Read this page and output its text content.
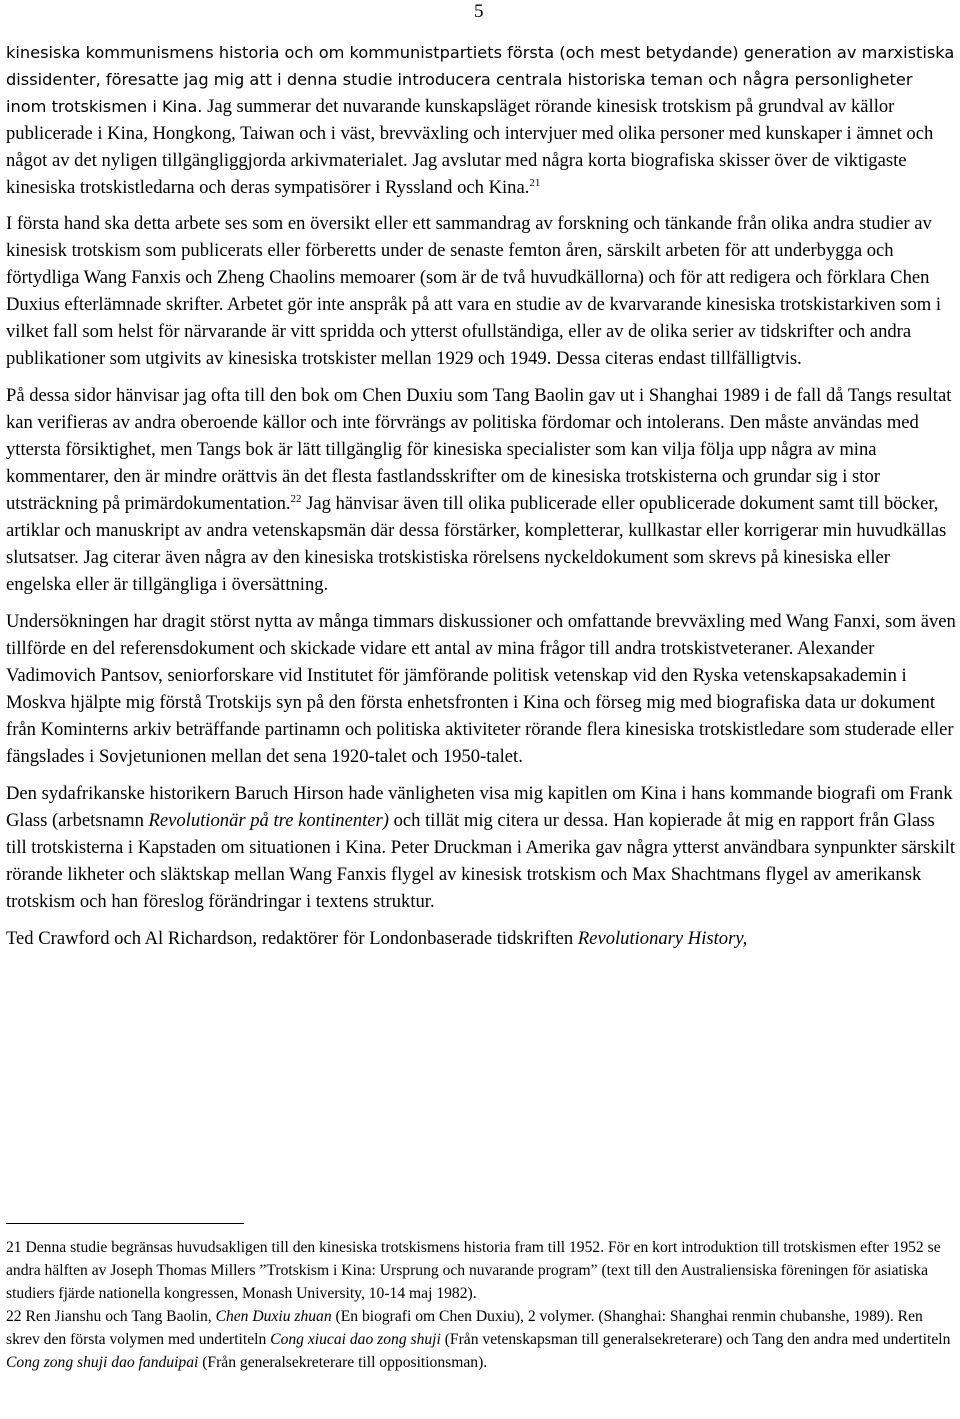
5

kinesiska kommunismens historia och om kommunistpartiets första (och mest betydande) generation av marxistiska dissidenter, föresatte jag mig att i denna studie introducera centrala historiska teman och några personligheter inom trotskismen i Kina. Jag summerar det nuvarande kunskapsläget rörande kinesisk trotskism på grundval av källor publicerade i Kina, Hongkong, Taiwan och i väst, brevväxling och intervjuer med olika personer med kunskaper i ämnet och något av det nyligen tillgängliggjorda arkivmaterialet. Jag avslutar med några korta biografiska skisser över de viktigaste kinesiska trotskistledarna och deras sympatisörer i Ryssland och Kina.$^{21}$

I första hand ska detta arbete ses som en översikt eller ett sammandrag av forskning och tänkande från olika andra studier av kinesisk trotskism som publicerats eller förberetts under de senaste femton åren, särskilt arbeten för att underbygga och förtydliga Wang Fanxis och Zheng Chaolins memoarer (som är de två huvudkällorna) och för att redigera och förklara Chen Duxius efterlämnade skrifter. Arbetet gör inte anspråk på att vara en studie av de kvarvarande kinesiska trotskistarkiven som i vilket fall som helst för närvarande är vitt spridda och ytterst ofullständiga, eller av de olika serier av tidskrifter och andra publikationer som utgivits av kinesiska trotskister mellan 1929 och 1949. Dessa citeras endast tillfälligtvis.

På dessa sidor hänvisar jag ofta till den bok om Chen Duxiu som Tang Baolin gav ut i Shanghai 1989 i de fall då Tangs resultat kan verifieras av andra oberoende källor och inte förvrängs av politiska fördomar och intolerans. Den måste användas med yttersta försiktighet, men Tangs bok är lätt tillgänglig för kinesiska specialister som kan vilja följa upp några av mina kommentarer, den är mindre orättvis än det flesta fastlandsskrifter om de kinesiska trotskisterna och grundar sig i stor utsträckning på primärdokumentation.$^{22}$ Jag hänvisar även till olika publicerade eller opublicerade dokument samt till böcker, artiklar och manuskript av andra vetenskapsmän där dessa förstärker, kompletterar, kullkastar eller korrigerar min huvudkällas slutsatser. Jag citerar även några av den kinesiska trotskistiska rörelsens nyckeldokument som skrevs på kinesiska eller engelska eller är tillgängliga i översättning.

Undersökningen har dragit störst nytta av många timmars diskussioner och omfattande brevväxling med Wang Fanxi, som även tillförde en del referensdokument och skickade vidare ett antal av mina frågor till andra trotskistveteraner. Alexander Vadimovich Pantsov, seniorforskare vid Institutet för jämförande politisk vetenskap vid den Ryska vetenskapsakademin i Moskva hjälpte mig förstå Trotskijs syn på den första enhetsfronten i Kina och förseg mig med biografiska data ur dokument från Kominterns arkiv beträffande partinamn och politiska aktiviteter rörande flera kinesiska trotskistledare som studerade eller fängslades i Sovjetunionen mellan det sena 1920-talet och 1950-talet.

Den sydafrikanske historikern Baruch Hirson hade vänligheten visa mig kapitlen om Kina i hans kommande biografi om Frank Glass (arbetsnamn Revolutionär på tre kontinenter) och tillät mig citera ur dessa. Han kopierade åt mig en rapport från Glass till trotskisterna i Kapstaden om situationen i Kina. Peter Druckman i Amerika gav några ytterst användbara synpunkter särskilt rörande likheter och släktskap mellan Wang Fanxis flygel av kinesisk trotskism och Max Shachtmans flygel av amerikansk trotskism och han föreslog förändringar i textens struktur.

Ted Crawford och Al Richardson, redaktörer för Londonbaserade tidskriften Revolutionary History,

21 Denna studie begränsas huvudsakligen till den kinesiska trotskismens historia fram till 1952. För en kort introduktion till trotskismen efter 1952 se andra hälften av Joseph Thomas Millers ”Trotskism i Kina: Ursprung och nuvarande program” (text till den Australiensiska föreningen för asiatiska studiers fjärde nationella kongressen, Monash University, 10-14 maj 1982).

22 Ren Jianshu och Tang Baolin, Chen Duxiu zhuan (En biografi om Chen Duxiu), 2 volymer. (Shanghai: Shanghai renmin chubanshe, 1989). Ren skrev den första volymen med undertiteln Cong xiucai dao zong shuji (Från vetenskapsman till generalsekreterare) och Tang den andra med undertiteln Cong zong shuji dao fanduipai (Från generalsekreterare till oppositionsman).
